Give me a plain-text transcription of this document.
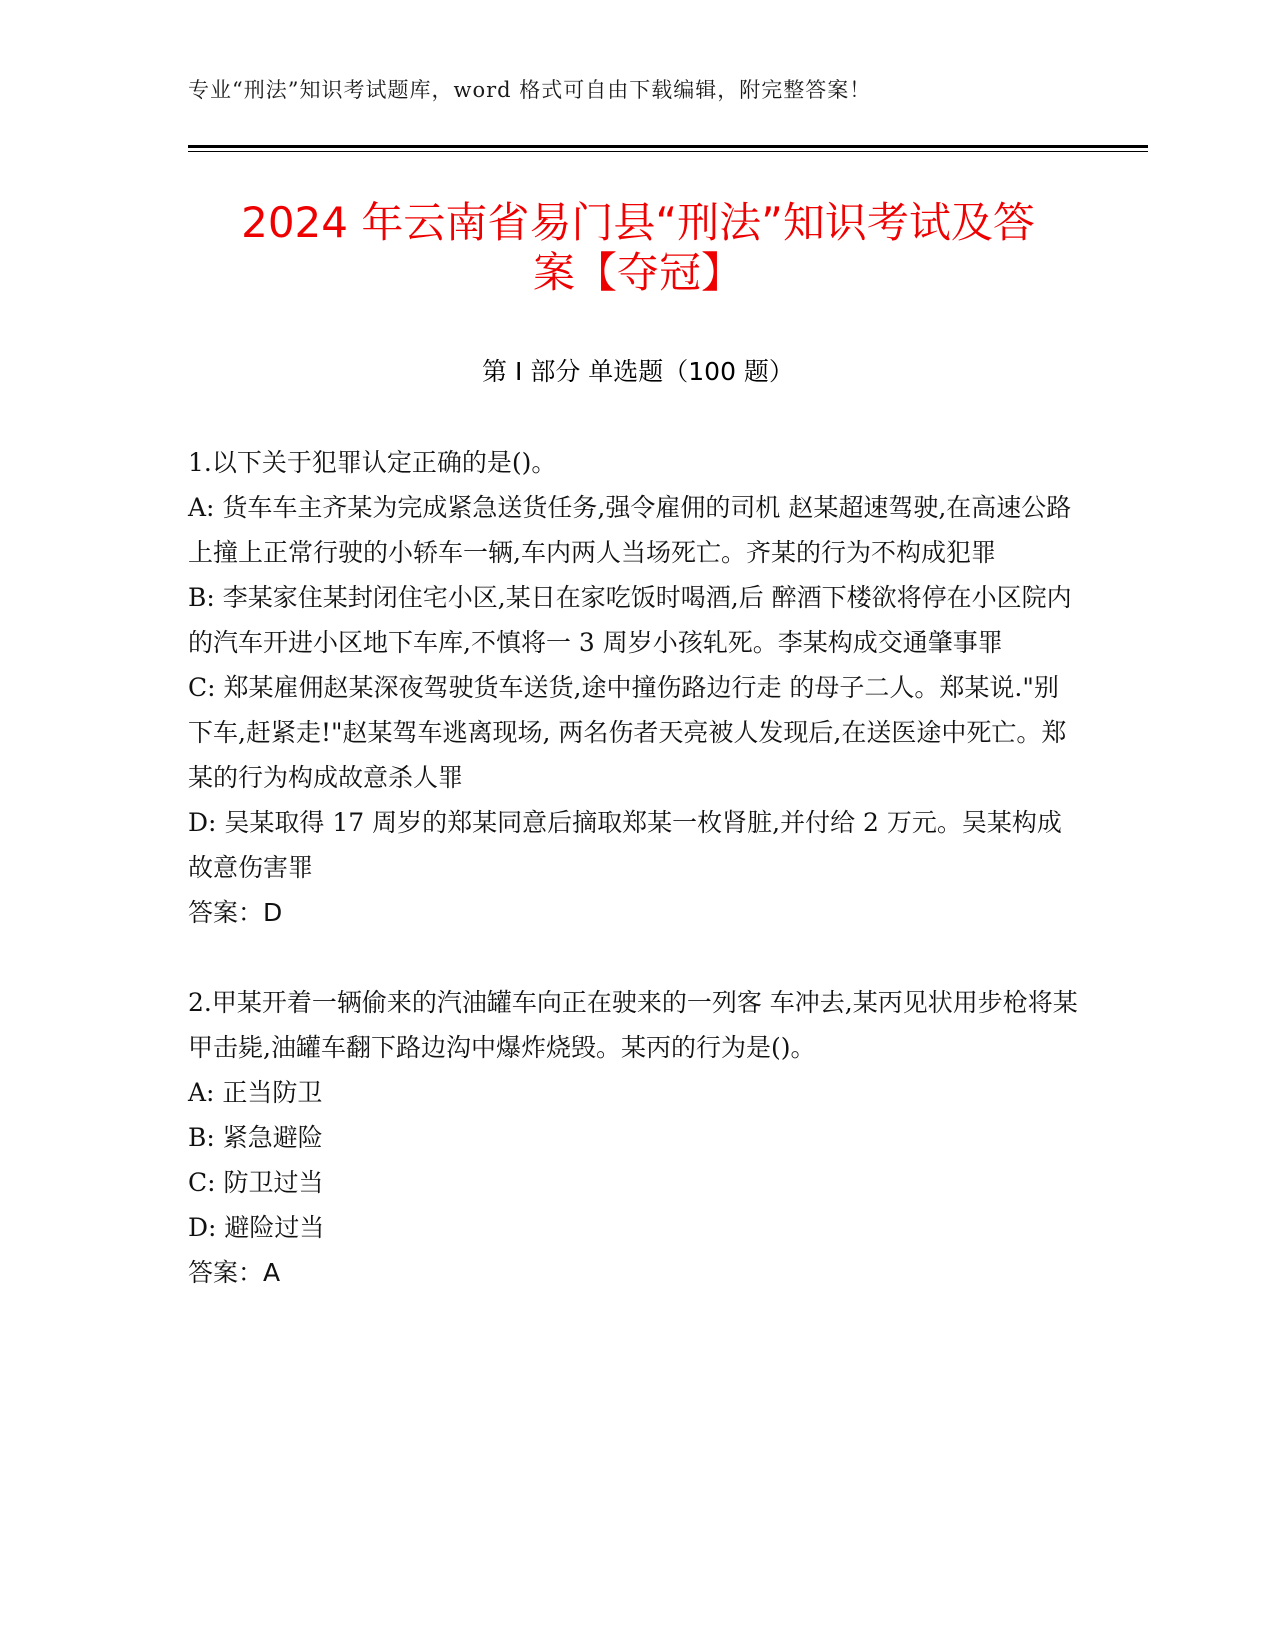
专业“刑法”知识考试题库，word 格式可自由下载编辑，附完整答案！
2024 年云南省易门县“刑法”知识考试及答
案【夺冠】
第 I 部分 单选题（100 题）

1.以下关于犯罪认定正确的是()。

A: 货车车主齐某为完成紧急送货任务,强令雇佣的司机 赵某超速驾驶,在高速公路上撞上正常行驶的小轿车一辆,车内两人当场死亡。齐某的行为不构成犯罪

B: 李某家住某封闭住宅小区,某日在家吃饭时喝酒,后 醉酒下楼欲将停在小区院内的汽车开进小区地下车库,不慎将一 3 周岁小孩轧死。李某构成交通肇事罪

C: 郑某雇佣赵某深夜驾驶货车送货,途中撞伤路边行走 的母子二人。郑某说."别下车,赶紧走!"赵某驾车逃离现场, 两名伤者天亮被人发现后,在送医途中死亡。郑某的行为构成故意杀人罪

D: 吴某取得 17 周岁的郑某同意后摘取郑某一枚肾脏,并付给 2 万元。吴某构成故意伤害罪

答案：D

2.甲某开着一辆偷来的汽油罐车向正在驶来的一列客 车冲去,某丙见状用步枪将某甲击毙,油罐车翻下路边沟中爆炸烧毁。某丙的行为是()。

A: 正当防卫

B: 紧急避险

C: 防卫过当

D: 避险过当

答案：A
